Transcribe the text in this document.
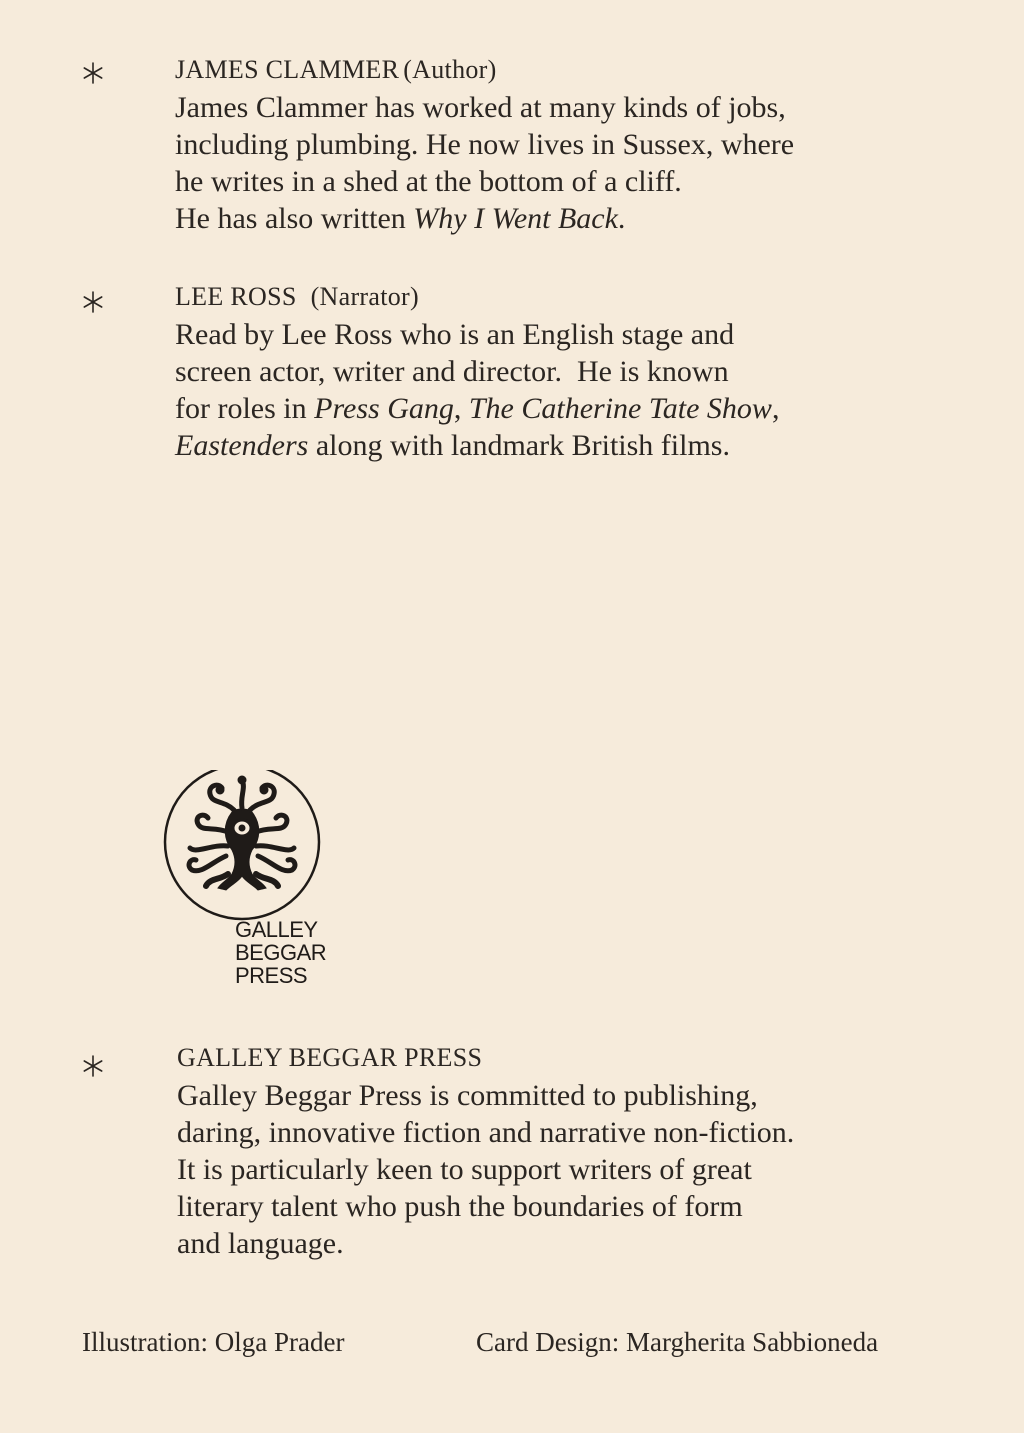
JAMES CLAMMER (Author)

James Clammer has worked at many kinds of jobs,
including plumbing. He now lives in Sussex, where
he writes in a shed at the bottom of a cliff.
He has also written Why I Went Back.

LEE ROSS (Narrator)

Read by Lee Ross who is an English stage and
screen actor, writer and director.  He is known
for roles in Press Gang, The Catherine Tate Show,
Eastenders along with landmark British films.

GALLEY
BEGGAR
PRESS

GALLEY BEGGAR PRESS

Galley Beggar Press is committed to publishing,
daring, innovative fiction and narrative non-fiction.
It is particularly keen to support writers of great
literary talent who push the boundaries of form
and language.

Illustration: Olga Prader	Card Design: Margherita Sabbioneda
